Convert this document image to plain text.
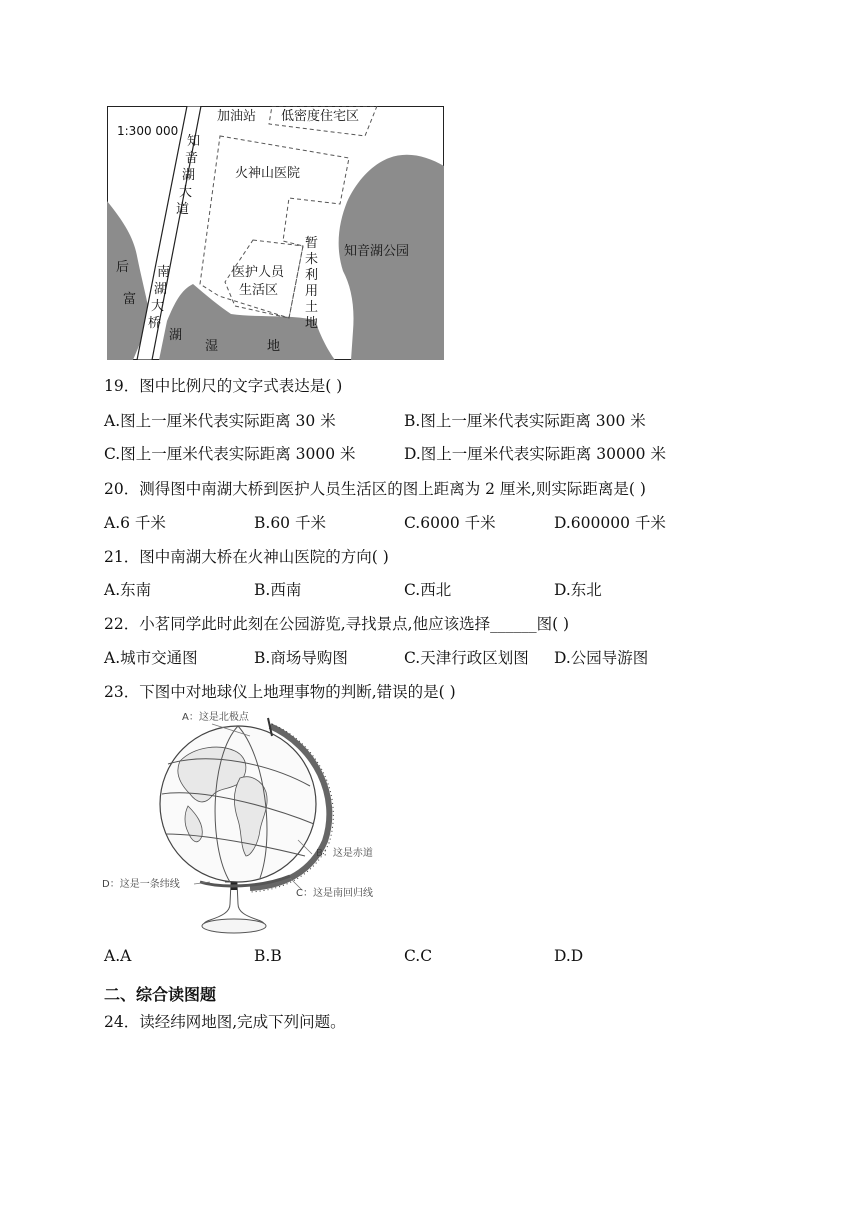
1:300 000
加油站 低密度住宅区
火神山医院
知音湖公园
医护人员
生活区
知
音
湖
大
道
暂
未
利
用
土
地
后
富
南
湖
大
桥
湖
湿	地
19．图中比例尺的文字式表达是( )
A.图上一厘米代表实际距离 30 米	B.图上一厘米代表实际距离 300 米
C.图上一厘米代表实际距离 3000 米	D.图上一厘米代表实际距离 30000 米
20．测得图中南湖大桥到医护人员生活区的图上距离为 2 厘米,则实际距离是( )
A.6 千米	B.60 千米	C.6000 千米	D.600000 千米
21．图中南湖大桥在火神山医院的方向( )
A.东南	B.西南	C.西北	D.东北
22．小茗同学此时此刻在公园游览,寻找景点,他应该选择______图( )
A.城市交通图	B.商场导购图	C.天津行政区划图 D.公园导游图
23．下图中对地球仪上地理事物的判断,错误的是( )
A：这是北极点
B：这是赤道
C：这是南回归线
D：这是一条纬线
A.A	B.B	C.C	D.D
二、综合读图题
24．读经纬网地图,完成下列问题。
